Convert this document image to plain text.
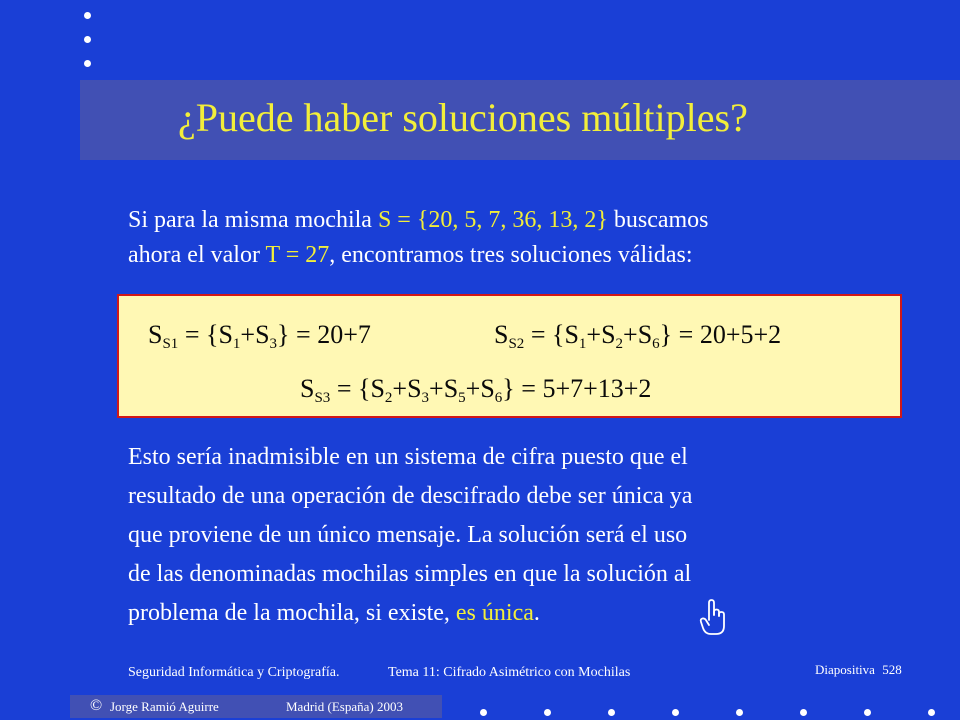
¿Puede haber soluciones múltiples?
Si para la misma mochila S = {20, 5, 7, 36, 13, 2} buscamos
ahora el valor T = 27, encontramos tres soluciones válidas:
$S_{S1} = \{S_1+S_3\} = 20+7$	$S_{S2} = \{S_1+S_2+S_6\} = 20+5+2$
$S_{S3} = \{S_2+S_3+S_5+S_6\} = 5+7+13+2$
Esto sería inadmisible en un sistema de cifra puesto que el
resultado de una operación de descifrado debe ser única ya
que proviene de un único mensaje. La solución será el uso
de las denominadas mochilas simples en que la solución al
problema de la mochila, si existe, es única.
Seguridad Informática y Criptografía.	Tema 11: Cifrado Asimétrico con Mochilas	Diapositiva 528
© Jorge Ramió Aguirre	Madrid (España) 2003
